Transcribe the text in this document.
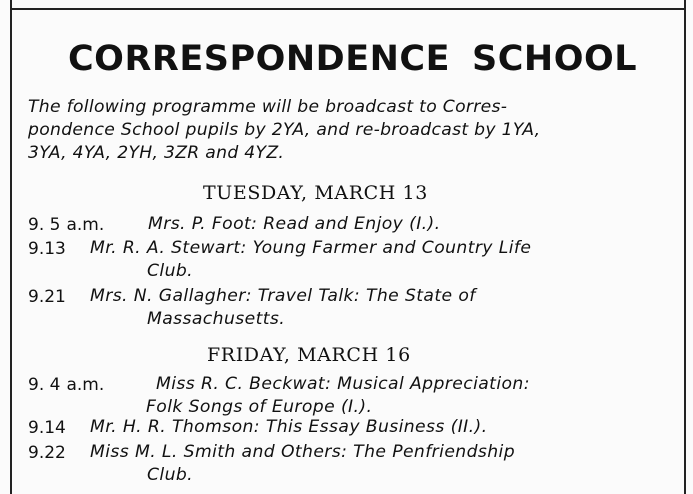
CORRESPONDENCE SCHOOL
The following programme will be broadcast to Corres-
pondence School pupils by 2YA, and re-broadcast by 1YA,
3YA, 4YA, 2YH, 3ZR and 4YZ.
TUESDAY, MARCH 13
9. 5 a.m.	Mrs. P. Foot: Read and Enjoy (I.).
9.13 Mr. R. A. Stewart: Young Farmer and Country Life
Club.
9.21 Mrs. N. Gallagher: Travel Talk: The State of
Massachusetts.
FRIDAY, MARCH 16
9. 4 a.m.	Miss R. C. Beckwat: Musical Appreciation:
Folk Songs of Europe (I.).
9.14 Mr. H. R. Thomson: This Essay Business (II.).
9.22 Miss M. L. Smith and Others: The Penfriendship
Club.
